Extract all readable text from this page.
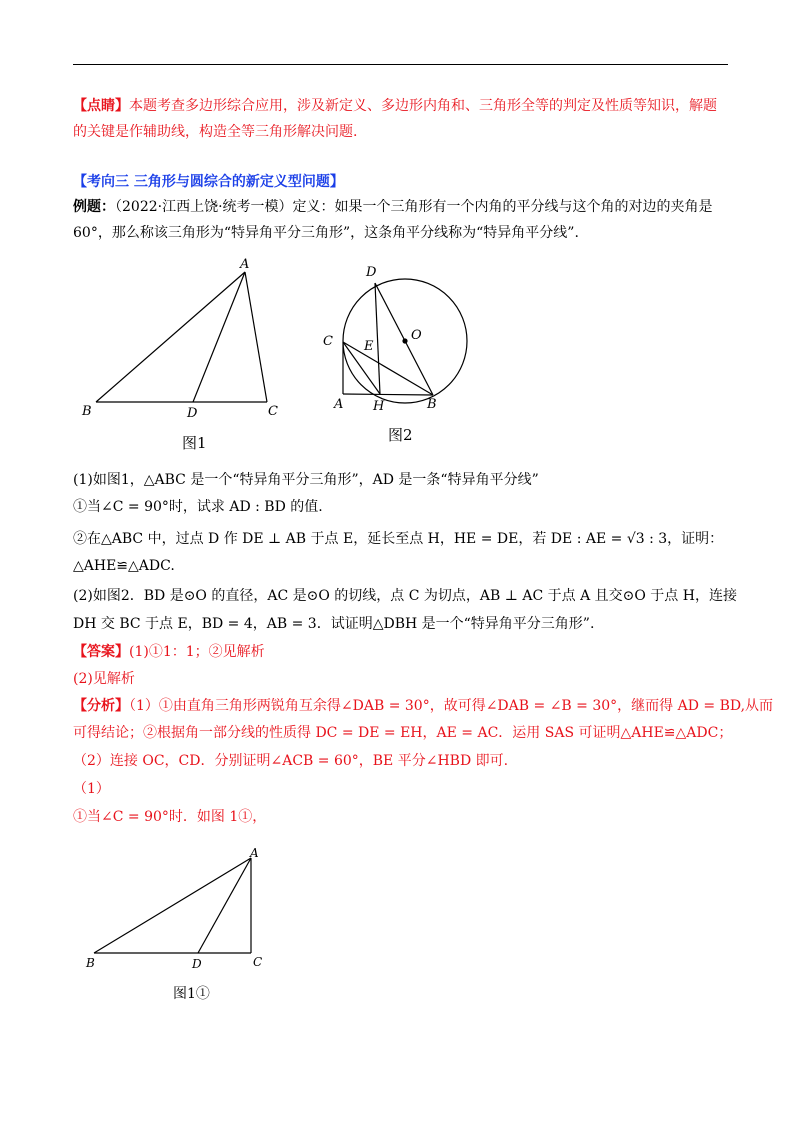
【点睛】本题考查多边形综合应用，涉及新定义、多边形内角和、三角形全等的判定及性质等知识，解题
的关键是作辅助线，构造全等三角形解决问题.
【考向三 三角形与圆综合的新定义型问题】
例题：（2022·江西上饶·统考一模）定义：如果一个三角形有一个内角的平分线与这个角的对边的夹角是
60°，那么称该三角形为“特异角平分三角形”，这条角平分线称为“特异角平分线”.
A
B	D	C
图1
D
O
C E
A H	B
图2
(1)如图1，△ABC 是一个“特异角平分三角形”，AD 是一条“特异角平分线”
①当∠C = 90°时，试求 AD : BD 的值.
②在△ABC 中，过点 D 作 DE ⊥ AB 于点 E，延长至点 H，HE = DE，若 DE : AE = √3 : 3，证明：
△AHE≌△ADC.
(2)如图2．BD 是⊙O 的直径，AC 是⊙O 的切线，点 C 为切点，AB ⊥ AC 于点 A 且交⊙O 于点 H，连接
DH 交 BC 于点 E，BD = 4，AB = 3．试证明△DBH 是一个“特异角平分三角形”.
【答案】(1)①1：1；②见解析
(2)见解析
【分析】（1）①由直角三角形两锐角互余得∠DAB = 30°，故可得∠DAB = ∠B = 30°，继而得 AD = BD,从而
可得结论；②根据角一部分线的性质得 DC = DE = EH，AE = AC．运用 SAS 可证明△AHE≌△ADC；
（2）连接 OC，CD．分别证明∠ACB = 60°，BE 平分∠HBD 即可.
（1）
①当∠C = 90°时．如图 1①，
A
B	D	C
图1①
